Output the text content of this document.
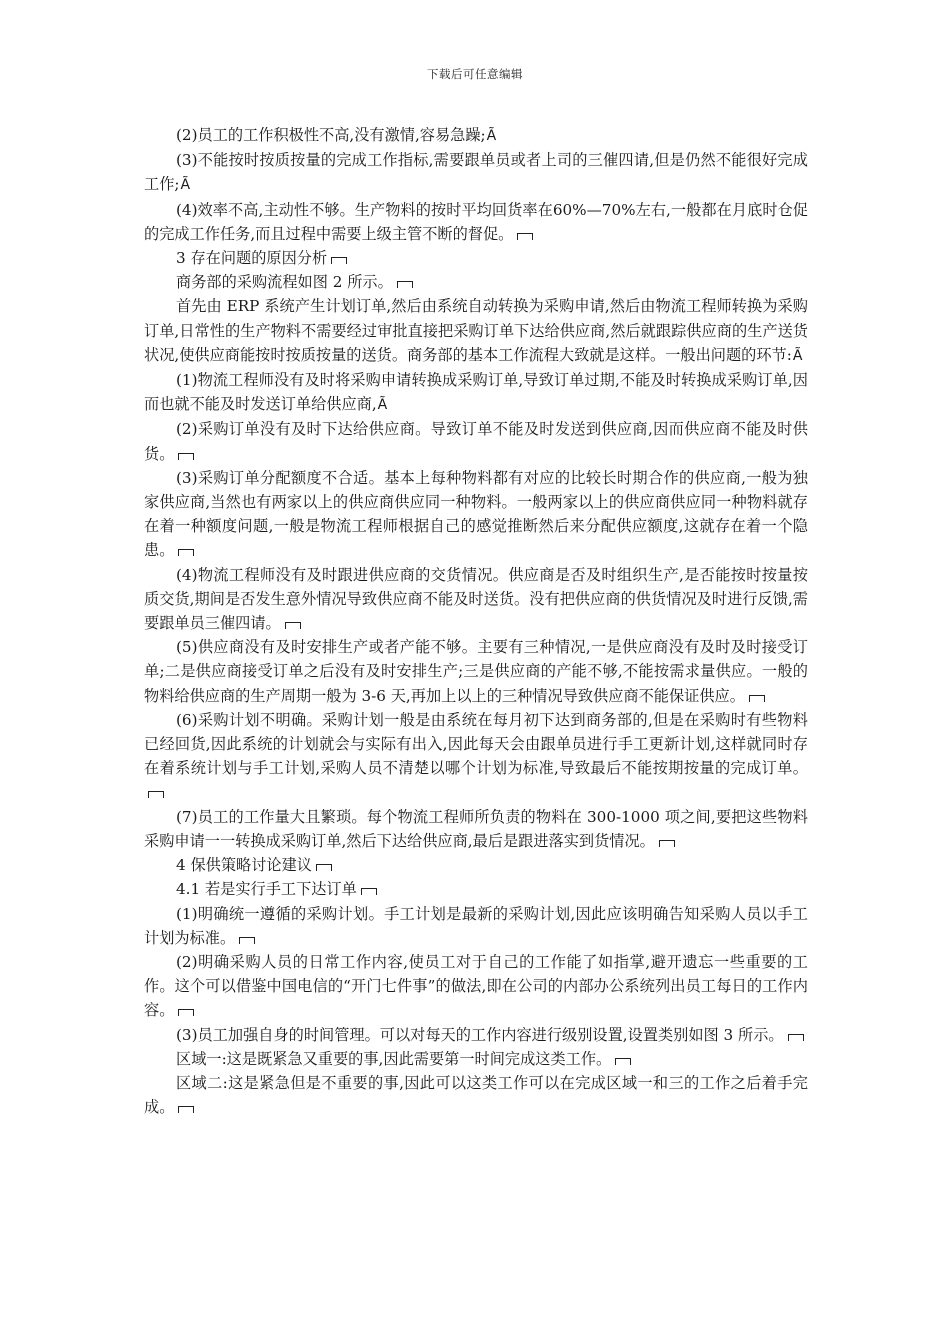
下载后可任意编辑

(2)员工的工作积极性不高,没有激情,容易急躁;Ã

(3)不能按时按质按量的完成工作指标,需要跟单员或者上司的三催四请,但是仍然不能很好完成工作;Ã

(4)效率不高,主动性不够。生产物料的按时平均回货率在60%—70%左右,一般都在月底时仓促的完成工作任务,而且过程中需要上级主管不断的督促。

3 存在问题的原因分析

商务部的采购流程如图 2 所示。

首先由 ERP 系统产生计划订单,然后由系统自动转换为采购申请,然后由物流工程师转换为采购订单,日常性的生产物料不需要经过审批直接把采购订单下达给供应商,然后就跟踪供应商的生产送货状况,使供应商能按时按质按量的送货。商务部的基本工作流程大致就是这样。一般出问题的环节:Ã

(1)物流工程师没有及时将采购申请转换成采购订单,导致订单过期,不能及时转换成采购订单,因而也就不能及时发送订单给供应商,Ã

(2)采购订单没有及时下达给供应商。导致订单不能及时发送到供应商,因而供应商不能及时供货。

(3)采购订单分配额度不合适。基本上每种物料都有对应的比较长时期合作的供应商,一般为独家供应商,当然也有两家以上的供应商供应同一种物料。一般两家以上的供应商供应同一种物料就存在着一种额度问题,一般是物流工程师根据自己的感觉推断然后来分配供应额度,这就存在着一个隐患。

(4)物流工程师没有及时跟进供应商的交货情况。供应商是否及时组织生产,是否能按时按量按质交货,期间是否发生意外情况导致供应商不能及时送货。没有把供应商的供货情况及时进行反馈,需要跟单员三催四请。

(5)供应商没有及时安排生产或者产能不够。主要有三种情况,一是供应商没有及时及时接受订单;二是供应商接受订单之后没有及时安排生产;三是供应商的产能不够,不能按需求量供应。一般的物料给供应商的生产周期一般为 3-6 天,再加上以上的三种情况导致供应商不能保证供应。

(6)采购计划不明确。采购计划一般是由系统在每月初下达到商务部的,但是在采购时有些物料已经回货,因此系统的计划就会与实际有出入,因此每天会由跟单员进行手工更新计划,这样就同时存在着系统计划与手工计划,采购人员不清楚以哪个计划为标准,导致最后不能按期按量的完成订单。

(7)员工的工作量大且繁琐。每个物流工程师所负责的物料在 300-1000 项之间,要把这些物料采购申请一一转换成采购订单,然后下达给供应商,最后是跟进落实到货情况。

4 保供策略讨论建议

4.1 若是实行手工下达订单

(1)明确统一遵循的采购计划。手工计划是最新的采购计划,因此应该明确告知采购人员以手工计划为标准。

(2)明确采购人员的日常工作内容,使员工对于自己的工作能了如指掌,避开遗忘一些重要的工作。这个可以借鉴中国电信的“开门七件事”的做法,即在公司的内部办公系统列出员工每日的工作内容。

(3)员工加强自身的时间管理。可以对每天的工作内容进行级别设置,设置类别如图 3 所示。

区域一:这是既紧急又重要的事,因此需要第一时间完成这类工作。

区域二:这是紧急但是不重要的事,因此可以这类工作可以在完成区域一和三的工作之后着手完成。
